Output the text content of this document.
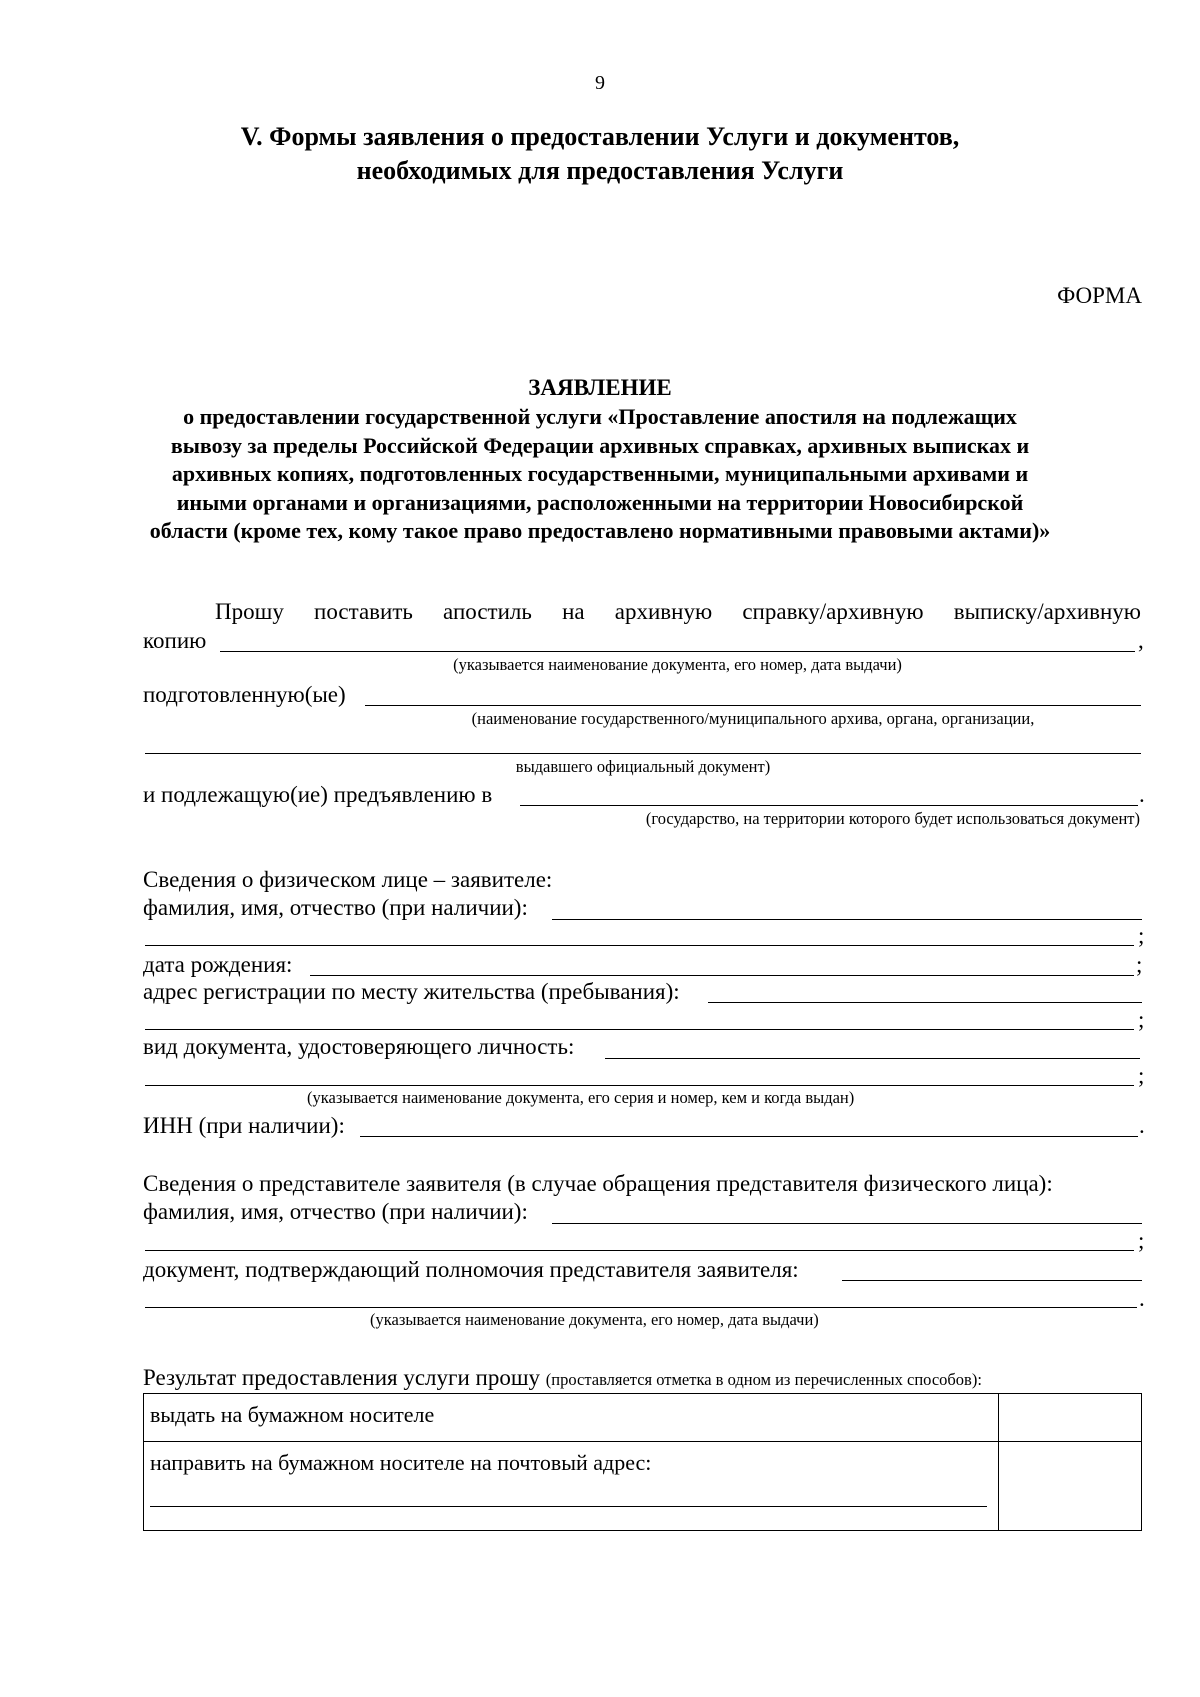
9
V. Формы заявления о предоставлении Услуги и документов,
необходимых для предоставления Услуги
ФОРМА
ЗАЯВЛЕНИЕ
о предоставлении государственной услуги «Проставление апостиля на подлежащих
вывозу за пределы Российской Федерации архивных справках, архивных выписках и
архивных копиях, подготовленных государственными, муниципальными архивами и
иными органами и организациями, расположенными на территории Новосибирской
области (кроме тех, кому такое право предоставлено нормативными правовыми актами)»
Прошу поставить апостиль на архивную справку/архивную выписку/архивную
копию	,
(указывается наименование документа, его номер, дата выдачи)
подготовленную(ые)
(наименование государственного/муниципального архива, органа, организации,
выдавшего официальный документ)
и подлежащую(ие) предъявлению в	.
(государство, на территории которого будет использоваться документ)
Сведения о физическом лице – заявителе:
фамилия, имя, отчество (при наличии):
;
дата рождения:	;
адрес регистрации по месту жительства (пребывания):
;
вид документа, удостоверяющего личность:
;
(указывается наименование документа, его серия и номер, кем и когда выдан)
ИНН (при наличии):	.
Сведения о представителе заявителя (в случае обращения представителя физического лица):
фамилия, имя, отчество (при наличии):
;
документ, подтверждающий полномочия представителя заявителя:
.
(указывается наименование документа, его номер, дата выдачи)
Результат предоставления услуги прошу (проставляется отметка в одном из перечисленных способов):
выдать на бумажном носителе	
направить на бумажном носителе на почтовый адрес:
